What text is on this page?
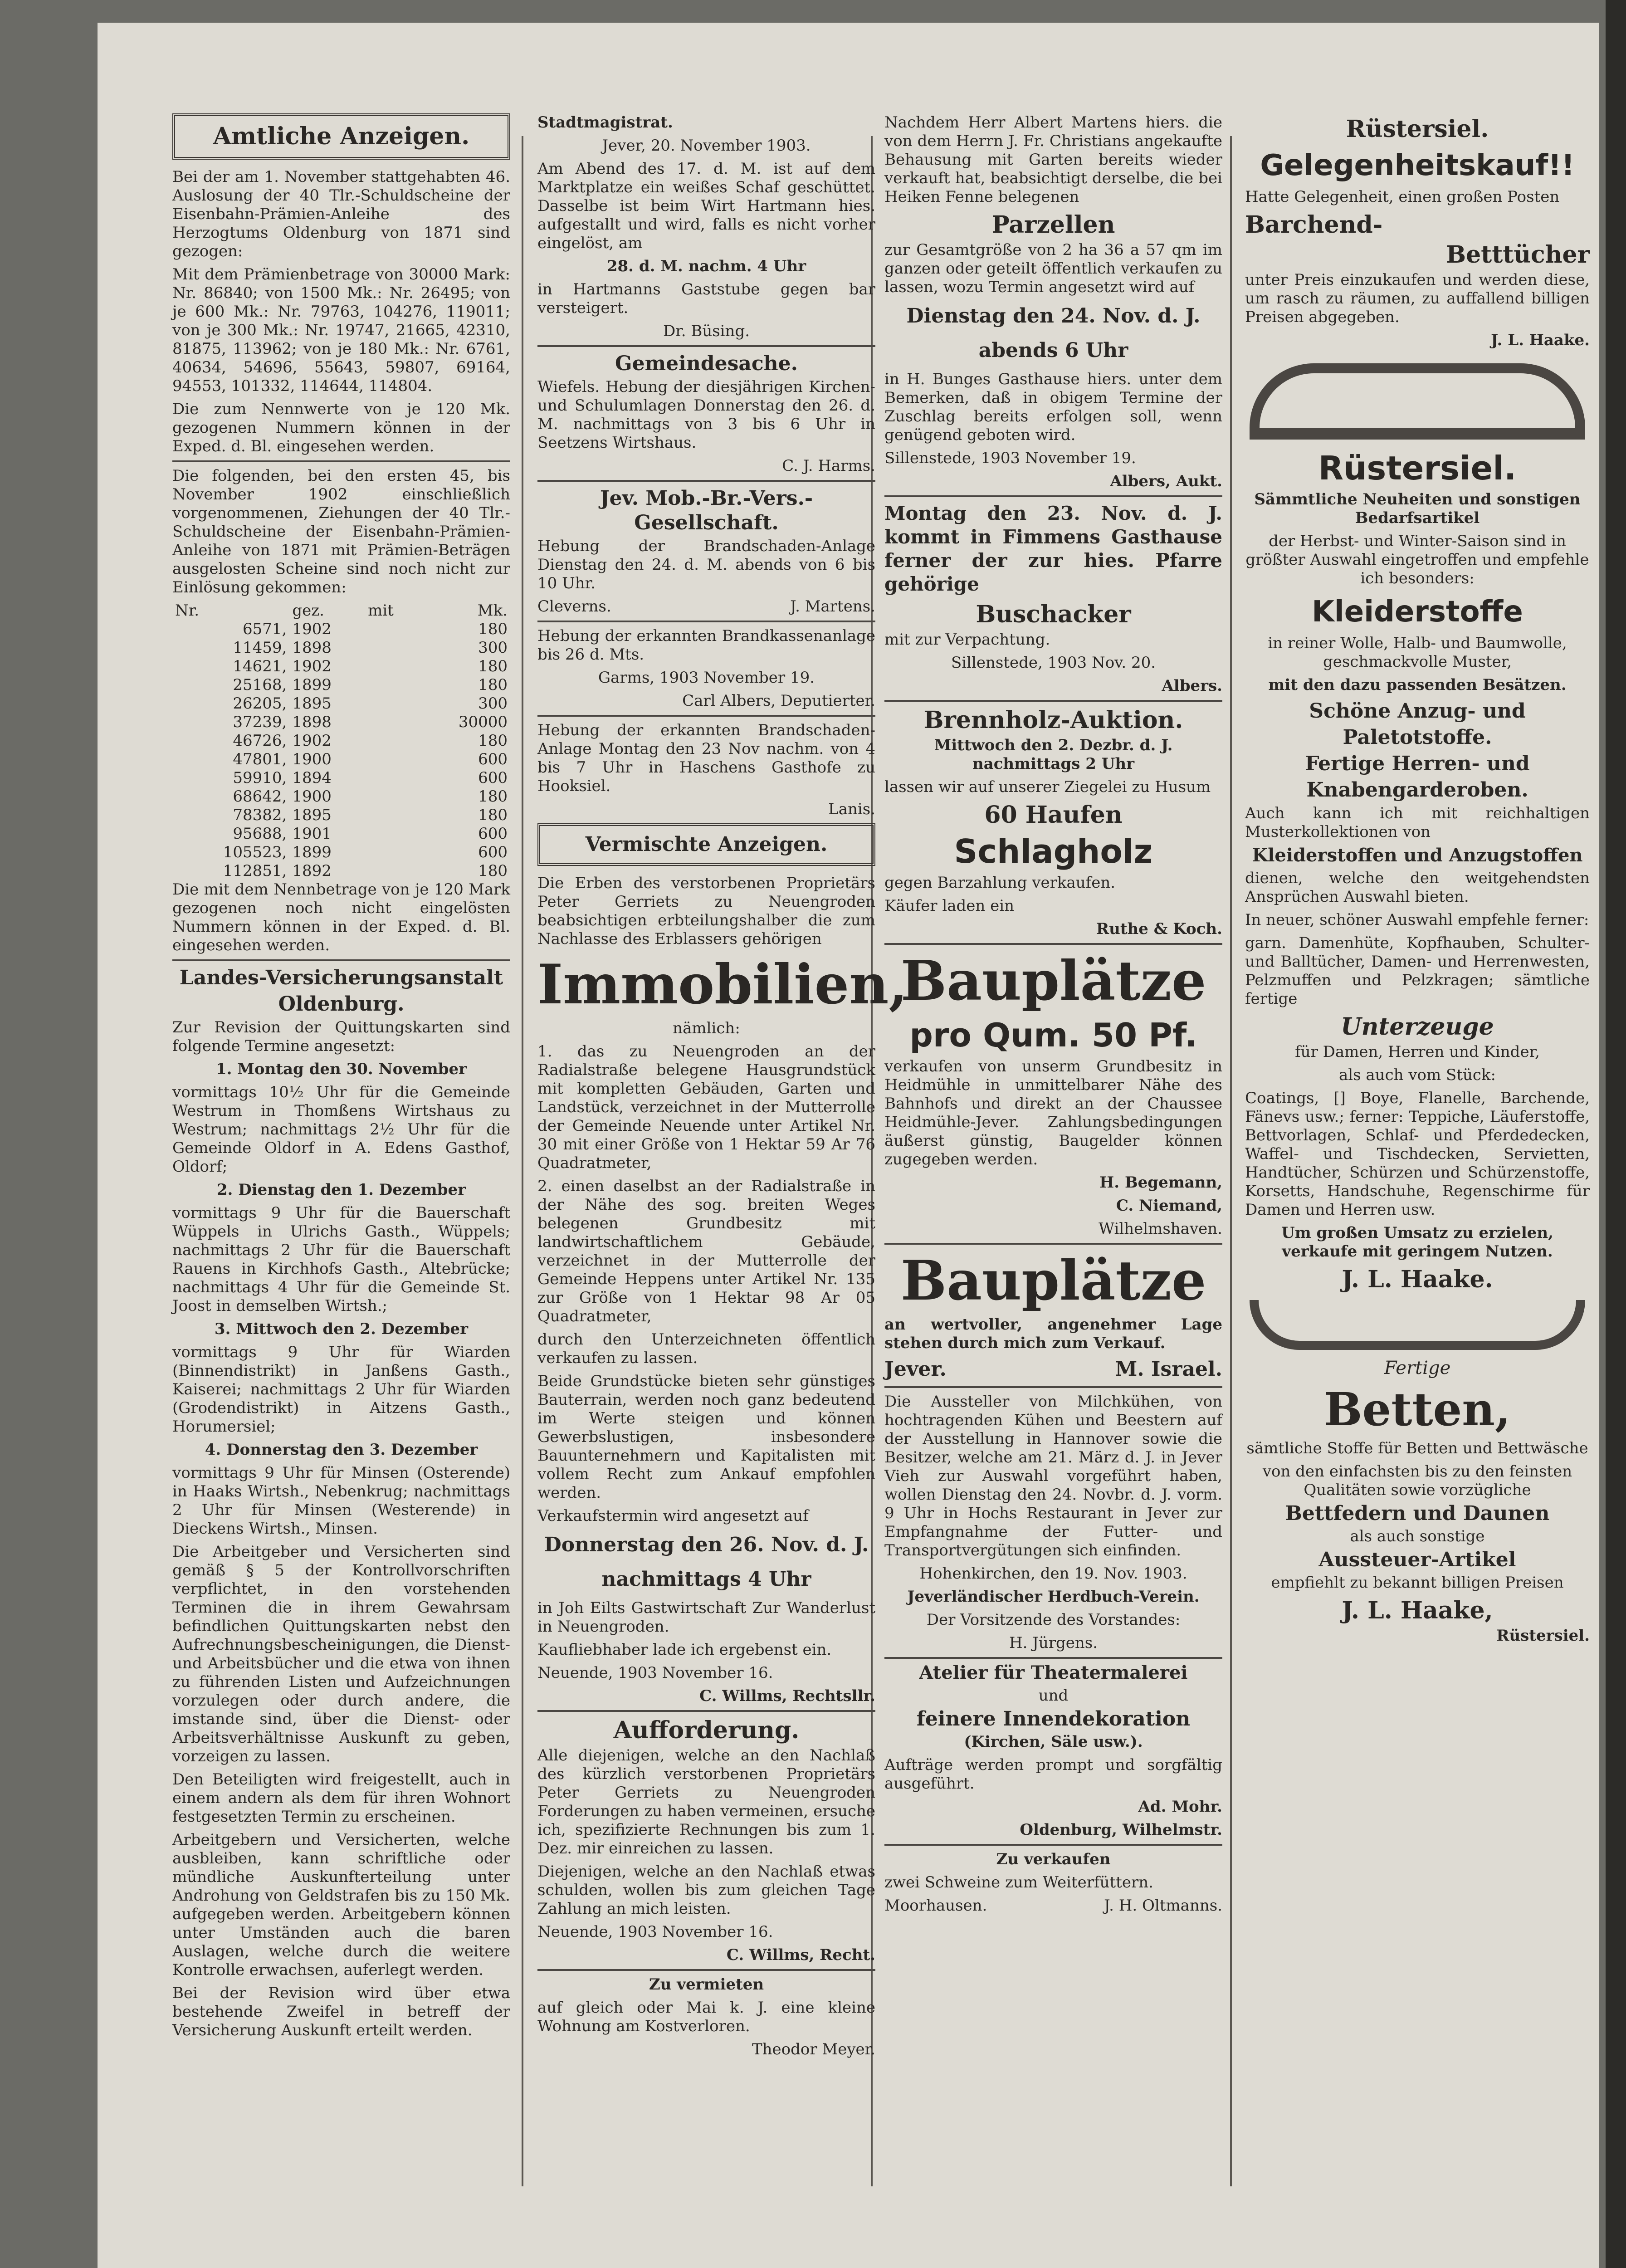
Amtliche Anzeigen.

Bei der am 1. November stattgehabten 46. Auslosung der 40 Tlr.-Schuldscheine der Eisenbahn-Prämien-Anleihe des Herzogtums Oldenburg von 1871 sind gezogen:

Mit dem Prämienbetrage von 30000 Mark: Nr. 86840; von 1500 Mk.: Nr. 26495; von je 600 Mk.: Nr. 79763, 104276, 119011; von je 300 Mk.: Nr. 19747, 21665, 42310, 81875, 113962; von je 180 Mk.: Nr. 6761, 40634, 54696, 55643, 59807, 69164, 94553, 101332, 114644, 114804.

Die zum Nennwerte von je 120 Mk. gezogenen Nummern können in der Exped. d. Bl. eingesehen werden.

Die folgenden, bei den ersten 45, bis November 1902 einschließlich vorgenommenen, Ziehungen der 40 Tlr.-Schuldscheine der Eisenbahn-Prämien-Anleihe von 1871 mit Prämien-Beträgen ausgelosten Scheine sind noch nicht zur Einlösung gekommen:

Nr.	gez.	mit	Mk.
6571,	1902		180
11459,	1898		300
14621,	1902		180
25168,	1899		180
26205,	1895		300
37239,	1898		30000
46726,	1902		180
47801,	1900		600
59910,	1894		600
68642,	1900		180
78382,	1895		180
95688,	1901		600
105523,	1899		600
112851,	1892		180

Die mit dem Nennbetrage von je 120 Mark gezogenen noch nicht eingelösten Nummern können in der Exped. d. Bl. eingesehen werden.

Landes-Versicherungsanstalt
Oldenburg.

Zur Revision der Quittungskarten sind folgende Termine angesetzt:

1. Montag den 30. November

vormittags 10½ Uhr für die Gemeinde Westrum in Thomßens Wirtshaus zu Westrum; nachmittags 2½ Uhr für die Gemeinde Oldorf in A. Edens Gasthof, Oldorf;

2. Dienstag den 1. Dezember

vormittags 9 Uhr für die Bauerschaft Wüppels in Ulrichs Gasth., Wüppels; nachmittags 2 Uhr für die Bauerschaft Rauens in Kirchhofs Gasth., Altebrücke; nachmittags 4 Uhr für die Gemeinde St. Joost in demselben Wirtsh.;

3. Mittwoch den 2. Dezember

vormittags 9 Uhr für Wiarden (Binnendistrikt) in Janßens Gasth., Kaiserei; nachmittags 2 Uhr für Wiarden (Grodendistrikt) in Aitzens Gasth., Horumersiel;

4. Donnerstag den 3. Dezember

vormittags 9 Uhr für Minsen (Osterende) in Haaks Wirtsh., Nebenkrug; nachmittags 2 Uhr für Minsen (Westerende) in Dieckens Wirtsh., Minsen.

Die Arbeitgeber und Versicherten sind gemäß § 5 der Kontrollvorschriften verpflichtet, in den vorstehenden Terminen die in ihrem Gewahrsam befindlichen Quittungskarten nebst den Aufrechnungsbescheinigungen, die Dienst- und Arbeitsbücher und die etwa von ihnen zu führenden Listen und Aufzeichnungen vorzulegen oder durch andere, die imstande sind, über die Dienst- oder Arbeitsverhältnisse Auskunft zu geben, vorzeigen zu lassen.

Den Beteiligten wird freigestellt, auch in einem andern als dem für ihren Wohnort festgesetzten Termin zu erscheinen.

Arbeitgebern und Versicherten, welche ausbleiben, kann schriftliche oder mündliche Auskunfterteilung unter Androhung von Geldstrafen bis zu 150 Mk. aufgegeben werden. Arbeitgebern können unter Umständen auch die baren Auslagen, welche durch die weitere Kontrolle erwachsen, auferlegt werden.

Bei der Revision wird über etwa bestehende Zweifel in betreff der Versicherung Auskunft erteilt werden.

Stadtmagistrat.

Jever, 20. November 1903.

Am Abend des 17. d. M. ist auf dem Marktplatze ein weißes Schaf geschüttet. Dasselbe ist beim Wirt Hartmann hies. aufgestallt und wird, falls es nicht vorher eingelöst, am

28. d. M. nachm. 4 Uhr

in Hartmanns Gaststube gegen bar versteigert.

Dr. Büsing.

Gemeindesache.

Wiefels. Hebung der diesjährigen Kirchen- und Schulumlagen Donnerstag den 26. d. M. nachmittags von 3 bis 6 Uhr in Seetzens Wirtshaus.

C. J. Harms.

Jev. Mob.-Br.-Vers.-Gesellschaft.

Hebung der Brandschaden-Anlage Dienstag den 24. d. M. abends von 6 bis 10 Uhr.

Cleverns.	J. Martens.

Hebung der erkannten Brandkassenanlage bis 26 d. Mts.

Garms, 1903 November 19.

Carl Albers, Deputierter.

Hebung der erkannten Brandschaden-Anlage Montag den 23 Nov nachm. von 4 bis 7 Uhr in Haschens Gasthofe zu Hooksiel.

Lanis.

Vermischte Anzeigen.

Die Erben des verstorbenen Proprietärs Peter Gerriets zu Neuengroden beabsichtigen erbteilungshalber die zum Nachlasse des Erblassers gehörigen

Immobilien,

nämlich:

1. das zu Neuengroden an der Radialstraße belegene Hausgrundstück mit kompletten Gebäuden, Garten und Landstück, verzeichnet in der Mutterrolle der Gemeinde Neuende unter Artikel Nr. 30 mit einer Größe von 1 Hektar 59 Ar 76 Quadratmeter,

2. einen daselbst an der Radialstraße in der Nähe des sog. breiten Weges belegenen Grundbesitz mit landwirtschaftlichem Gebäude, verzeichnet in der Mutterrolle der Gemeinde Heppens unter Artikel Nr. 135 zur Größe von 1 Hektar 98 Ar 05 Quadratmeter,

durch den Unterzeichneten öffentlich verkaufen zu lassen.

Beide Grundstücke bieten sehr günstiges Bauterrain, werden noch ganz bedeutend im Werte steigen und können Gewerbslustigen, insbesondere Bauunternehmern und Kapitalisten mit vollem Recht zum Ankauf empfohlen werden.

Verkaufstermin wird angesetzt auf

Donnerstag den 26. Nov. d. J.

nachmittags 4 Uhr

in Joh Eilts Gastwirtschaft Zur Wanderlust in Neuengroden.

Kaufliebhaber lade ich ergebenst ein.

Neuende, 1903 November 16.

C. Willms, Rechtsllr.

Aufforderung.

Alle diejenigen, welche an den Nachlaß des kürzlich verstorbenen Proprietärs Peter Gerriets zu Neuengroden Forderungen zu haben vermeinen, ersuche ich, spezifizierte Rechnungen bis zum 1. Dez. mir einreichen zu lassen.

Diejenigen, welche an den Nachlaß etwas schulden, wollen bis zum gleichen Tage Zahlung an mich leisten.

Neuende, 1903 November 16.

C. Willms, Recht.

Zu vermieten

auf gleich oder Mai k. J. eine kleine Wohnung am Kostverloren.

Theodor Meyer.

Nachdem Herr Albert Martens hiers. die von dem Herrn J. Fr. Christians angekaufte Behausung mit Garten bereits wieder verkauft hat, beabsichtigt derselbe, die bei Heiken Fenne belegenen

Parzellen

zur Gesamtgröße von 2 ha 36 a 57 qm im ganzen oder geteilt öffentlich verkaufen zu lassen, wozu Termin angesetzt wird auf

Dienstag den 24. Nov. d. J.

abends 6 Uhr

in H. Bunges Gasthause hiers. unter dem Bemerken, daß in obigem Termine der Zuschlag bereits erfolgen soll, wenn genügend geboten wird.

Sillenstede, 1903 November 19.

Albers, Aukt.

Montag den 23. Nov. d. J. kommt in Fimmens Gasthause ferner der zur hies. Pfarre gehörige

Buschacker

mit zur Verpachtung.

Sillenstede, 1903 Nov. 20.

Albers.

Brennholz-Auktion.

Mittwoch den 2. Dezbr. d. J. nachmittags 2 Uhr

lassen wir auf unserer Ziegelei zu Husum

60 Haufen
Schlagholz

gegen Barzahlung verkaufen.

Käufer laden ein

Ruthe & Koch.

Bauplätze
pro Qum. 50 Pf.

verkaufen von unserm Grundbesitz in Heidmühle in unmittelbarer Nähe des Bahnhofs und direkt an der Chaussee Heidmühle-Jever. Zahlungsbedingungen äußerst günstig, Baugelder können zugegeben werden.

H. Begemann,

C. Niemand,

Wilhelmshaven.

Bauplätze

an wertvoller, angenehmer Lage stehen durch mich zum Verkauf.

Jever.	M. Israel.

Die Aussteller von Milchkühen, von hochtragenden Kühen und Beestern auf der Ausstellung in Hannover sowie die Besitzer, welche am 21. März d. J. in Jever Vieh zur Auswahl vorgeführt haben, wollen Dienstag den 24. Novbr. d. J. vorm. 9 Uhr in Hochs Restaurant in Jever zur Empfangnahme der Futter- und Transportvergütungen sich einfinden.

Hohenkirchen, den 19. Nov. 1903.

Jeverländischer Herdbuch-Verein.

Der Vorsitzende des Vorstandes:

H. Jürgens.

Atelier für Theatermalerei

und

feinere Innendekoration

(Kirchen, Säle usw.).

Aufträge werden prompt und sorgfältig ausgeführt.

Ad. Mohr.

Oldenburg, Wilhelmstr.

Zu verkaufen

zwei Schweine zum Weiterfüttern.

Moorhausen.	J. H. Oltmanns.

Rüstersiel.
Gelegenheitskauf!!

Hatte Gelegenheit, einen großen Posten

Barchend-
Betttücher

unter Preis einzukaufen und werden diese, um rasch zu räumen, zu auffallend billigen Preisen abgegeben.

J. L. Haake.

Rüstersiel.

Sämmtliche Neuheiten und sonstigen Bedarfsartikel

der Herbst- und Winter-Saison sind in größter Auswahl eingetroffen und empfehle ich besonders:

Kleiderstoffe

in reiner Wolle, Halb- und Baumwolle, geschmackvolle Muster,

mit den dazu passenden Besätzen.

Schöne Anzug- und
Paletotstoffe.
Fertige Herren- und
Knabengarderoben.

Auch kann ich mit reichhaltigen Musterkollektionen von

Kleiderstoffen und Anzugstoffen

dienen, welche den weitgehendsten Ansprüchen Auswahl bieten.

In neuer, schöner Auswahl empfehle ferner:

garn. Damenhüte, Kopfhauben, Schulter- und Balltücher, Damen- und Herrenwesten, Pelzmuffen und Pelzkragen; sämtliche fertige

Unterzeuge

für Damen, Herren und Kinder,

als auch vom Stück:

Coatings, [] Boye, Flanelle, Barchende, Fänevs usw.; ferner: Teppiche, Läuferstoffe, Bettvorlagen, Schlaf- und Pferdedecken, Waffel- und Tischdecken, Servietten, Handtücher, Schürzen und Schürzenstoffe, Korsetts, Handschuhe, Regenschirme für Damen und Herren usw.

Um großen Umsatz zu erzielen, verkaufe mit geringem Nutzen.

J. L. Haake.

Fertige

Betten,

sämtliche Stoffe für Betten und Bettwäsche

von den einfachsten bis zu den feinsten Qualitäten sowie vorzügliche

Bettfedern und Daunen

als auch sonstige

Aussteuer-Artikel

empfiehlt zu bekannt billigen Preisen

J. L. Haake,

Rüstersiel.
